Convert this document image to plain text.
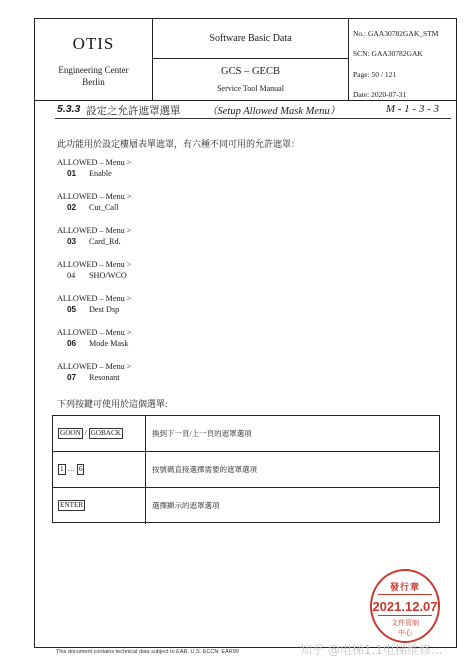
OTIS
Engineering Center
Berlin
Software Basic Data
GCS – GECB
Service Tool Manual
No.: GAA30782GAK_STM
SCN: GAA30782GAK
Page: 50 / 121
Date: 2020-07-31
5.3.3 設定之允許遮罩選單	（Setup Allowed Mask Menu）	M - 1 - 3 - 3
此功能用於設定樓層表單遮罩，有六種不同可用的允許遮罩：
ALLOWED – Menu >
01 Enable
ALLOWED – Menu >
02 Cut_Call
ALLOWED – Menu >
03 Card_Rd.
ALLOWED – Menu >
04 SHO/WCO
ALLOWED – Menu >
05 Dest Dsp
ALLOWED – Menu >
06 Mode Mask
ALLOWED – Menu >
07 Resonant
下列按鍵可使用於這個選單:
GOON / GOBACK	換到下一頁/上一頁的遮罩選項
1 … 6	按號碼直接選擇需要的遮罩選項
ENTER	選擇顯示的遮罩選項
發行章
2021.12.07
文件管制
中心
This document contains technical data subject to EAR. U.S. ECCN: EAR99	知乎 @电梯1.1电梯维修...
